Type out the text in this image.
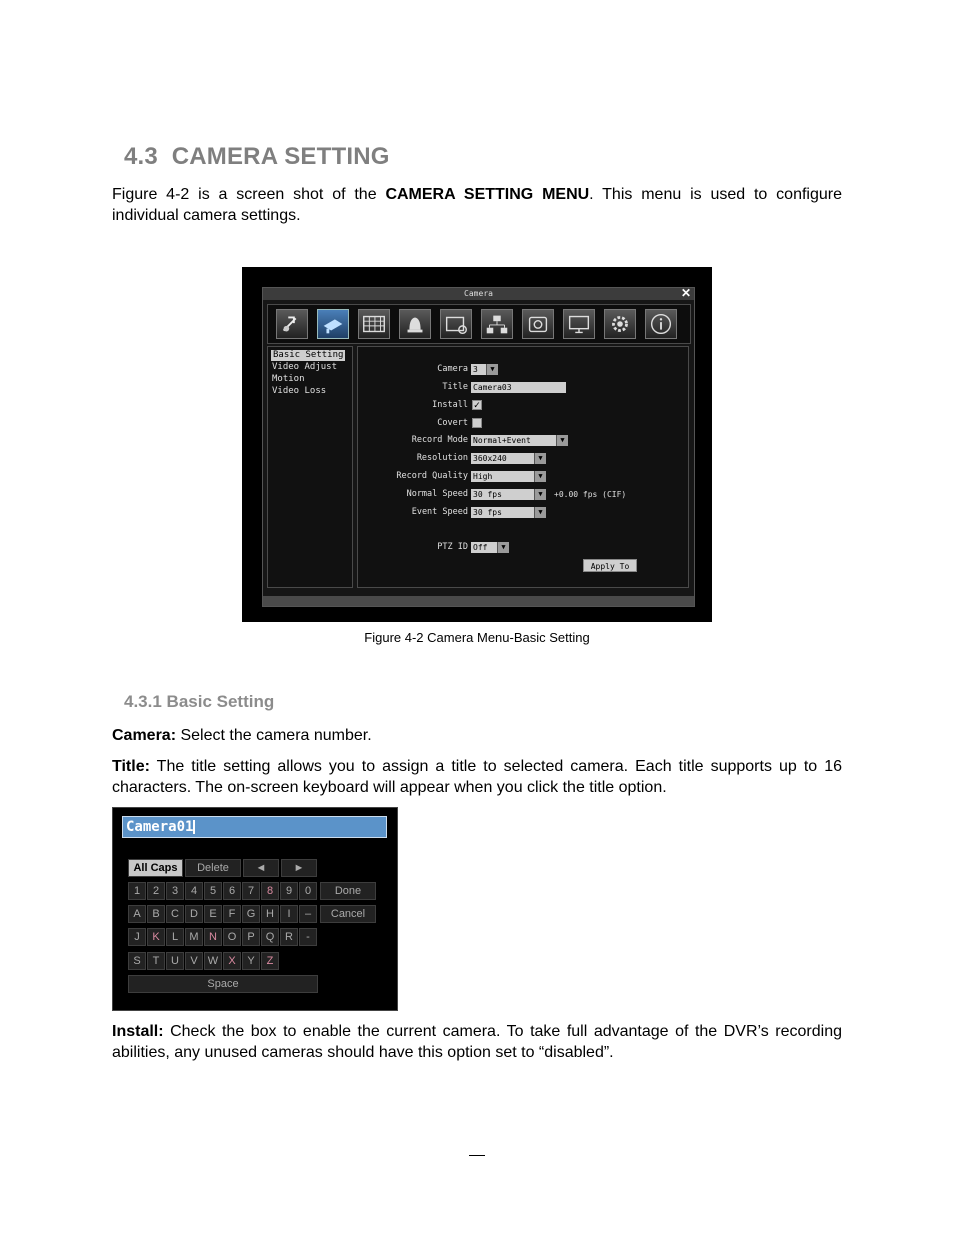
4.3 CAMERA SETTING
Figure 4-2 is a screen shot of the CAMERA SETTING MENU. This menu is used to configure individual camera settings.
Camera	✕
Basic Setting
Video Adjust
Motion
Video Loss
Camera 3	▼
Title Camera03
Install ✓
Covert
Record Mode Normal+Event	▼
Resolution 360x240	▼
Record Quality High	▼
Normal Speed 30 fps	▼	+0.00 fps (CIF)
Event Speed 30 fps	▼
PTZ ID Off	▼
Apply To
Figure 4-2 Camera Menu-Basic Setting
4.3.1 Basic Setting
Camera: Select the camera number.
Title: The title setting allows you to assign a title to selected camera. Each title supports up to 16 characters. The on-screen keyboard will appear when you click the title option.
Camera01
All Caps	Delete	◄	►
Done
Cancel
Space
1	2	3	4	5	6	7	8	9	0
A	B	C	D	E	F	G H	I	–
J	K	L	M N O	P	Q R	-
S	T	U	V W X	Y	Z
Install: Check the box to enable the current camera. To take full advantage of the DVR’s recording abilities, any unused cameras should have this option set to “disabled”.
